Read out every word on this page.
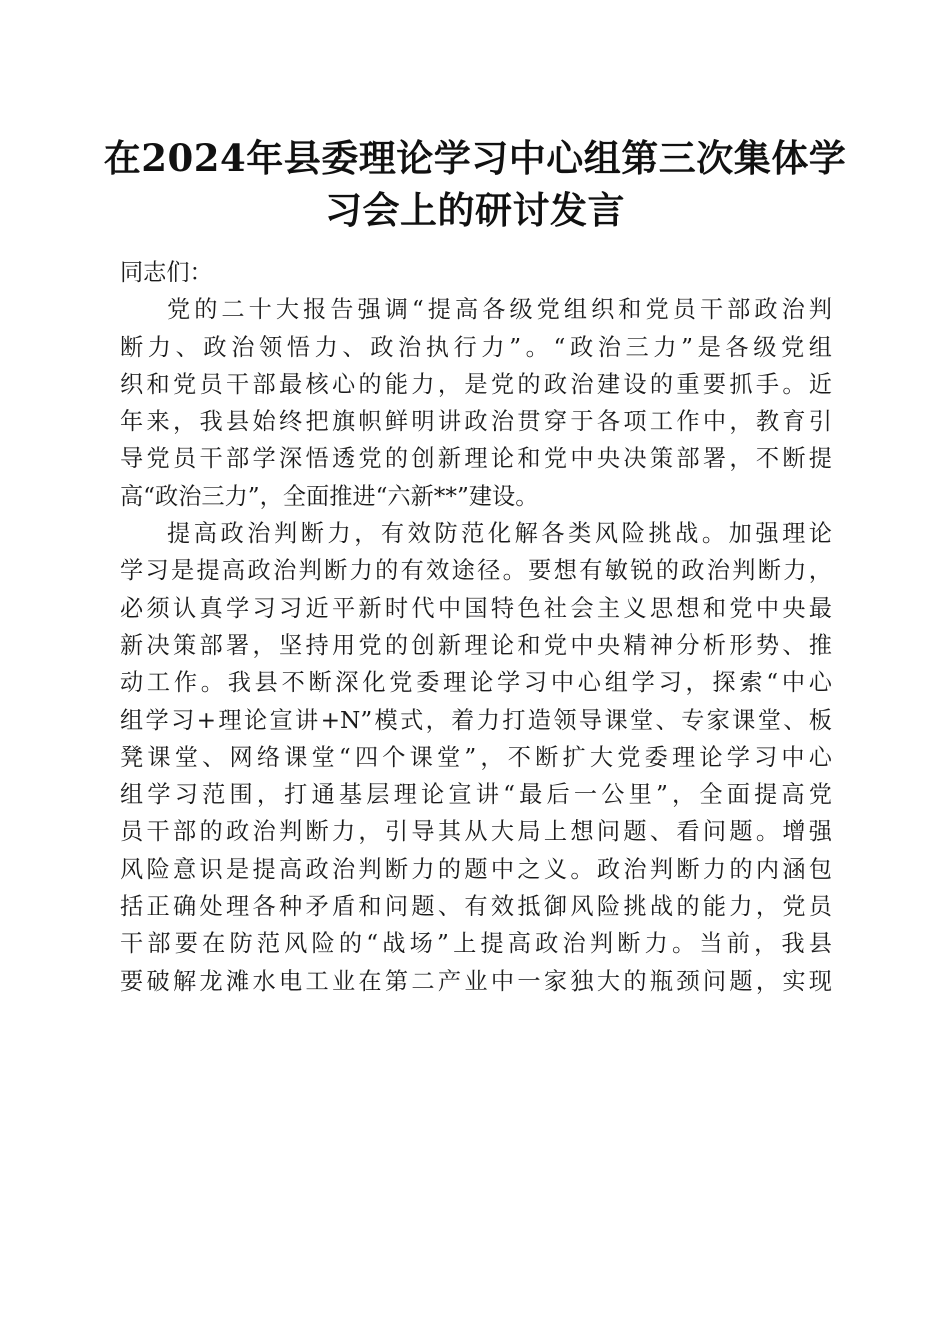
在2024年县委理论学习中心组第三次集体学
习会上的研讨发言

同志们：

党的二十大报告强调“提高各级党组织和党员干部政治判
断力、政治领悟力、政治执行力”。“政治三力”是各级党组
织和党员干部最核心的能力，是党的政治建设的重要抓手。近
年来，我县始终把旗帜鲜明讲政治贯穿于各项工作中，教育引
导党员干部学深悟透党的创新理论和党中央决策部署，不断提
高“政治三力”，全面推进“六新**”建设。

提高政治判断力，有效防范化解各类风险挑战。加强理论
学习是提高政治判断力的有效途径。要想有敏锐的政治判断力，
必须认真学习习近平新时代中国特色社会主义思想和党中央最
新决策部署，坚持用党的创新理论和党中央精神分析形势、推
动工作。我县不断深化党委理论学习中心组学习，探索“中心
组学习+理论宣讲+N”模式，着力打造领导课堂、专家课堂、板
凳课堂、网络课堂“四个课堂”，不断扩大党委理论学习中心
组学习范围，打通基层理论宣讲“最后一公里”，全面提高党
员干部的政治判断力，引导其从大局上想问题、看问题。增强
风险意识是提高政治判断力的题中之义。政治判断力的内涵包
括正确处理各种矛盾和问题、有效抵御风险挑战的能力，党员
干部要在防范风险的“战场”上提高政治判断力。当前，我县
要破解龙滩水电工业在第二产业中一家独大的瓶颈问题，实现
